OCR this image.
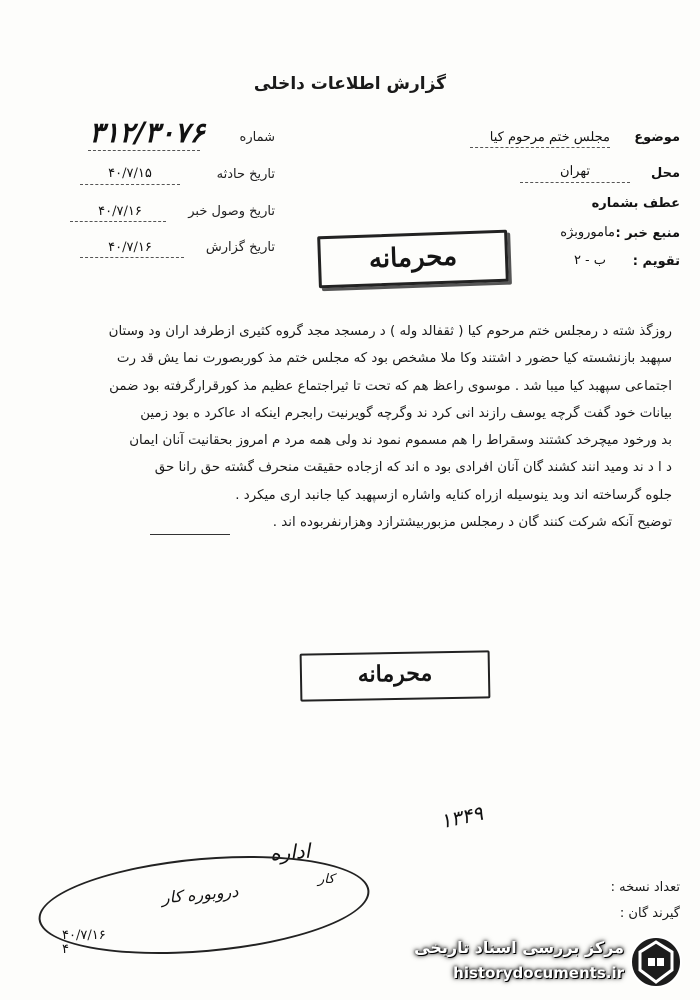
گزارش اطلاعات داخلی
شماره
۳۱۲/۳۰۷۶
تاریخ حادثه
۴۰/۷/۱۵
تاریخ وصول خبر
۴۰/۷/۱۶
تاریخ گزارش
۴۰/۷/۱۶
موضوع
مجلس ختم مرحوم کیا
محل
تهران
عطف بشماره
منبع خبر :
ماموروبژه
تقویم :
ب - ۲
محرمانه

روزگذ شته د رمجلس ختم مرحوم کیا ( ثقفالد وله ) د رمسجد مجد گروه کثیری ازطرفد اران ود وستان

سپهبد بازنشسته کیا حضور د اشتند وکا ملا مشخص بود که مجلس ختم مذ کوربصورت نما یش قد رت

اجتماعی سپهبد کیا میبا شد . موسوی راعظ هم که تحت تا ثیراجتماع عظیم مذ کورقرارگرفته بود ضمن

بیانات خود گفت گرچه یوسف رازند انی کرد ند وگرچه گویرنیت رابجرم اینکه اد عاکرد ه بود زمین

بد ورخود میچرخد کشتند وسقراط را هم مسموم نمود ند ولی همه مرد م امروز بحقانیت آنان ایمان

د ا د ند ومید انند کشند گان آنان افرادی بود ه اند که ازجاده حقیقت منحرف گشته حق رانا حق

جلوه گرساخته اند وبد ینوسیله ازراه کنایه واشاره ازسپهبد کیا جانبد اری میکرد .

توضیح آنکه شرکت کنند گان د رمجلس مزبوربیشترازد وهزارنفربوده اند .

محرمانه
۱۳۴۹
اداره
کار
تعداد نسخه :
گیرند گان :
دروبوره کار
۴۰/۷/۱۶
۴	مرکز بررسی اسناد تاریخی
historydocuments.ir
